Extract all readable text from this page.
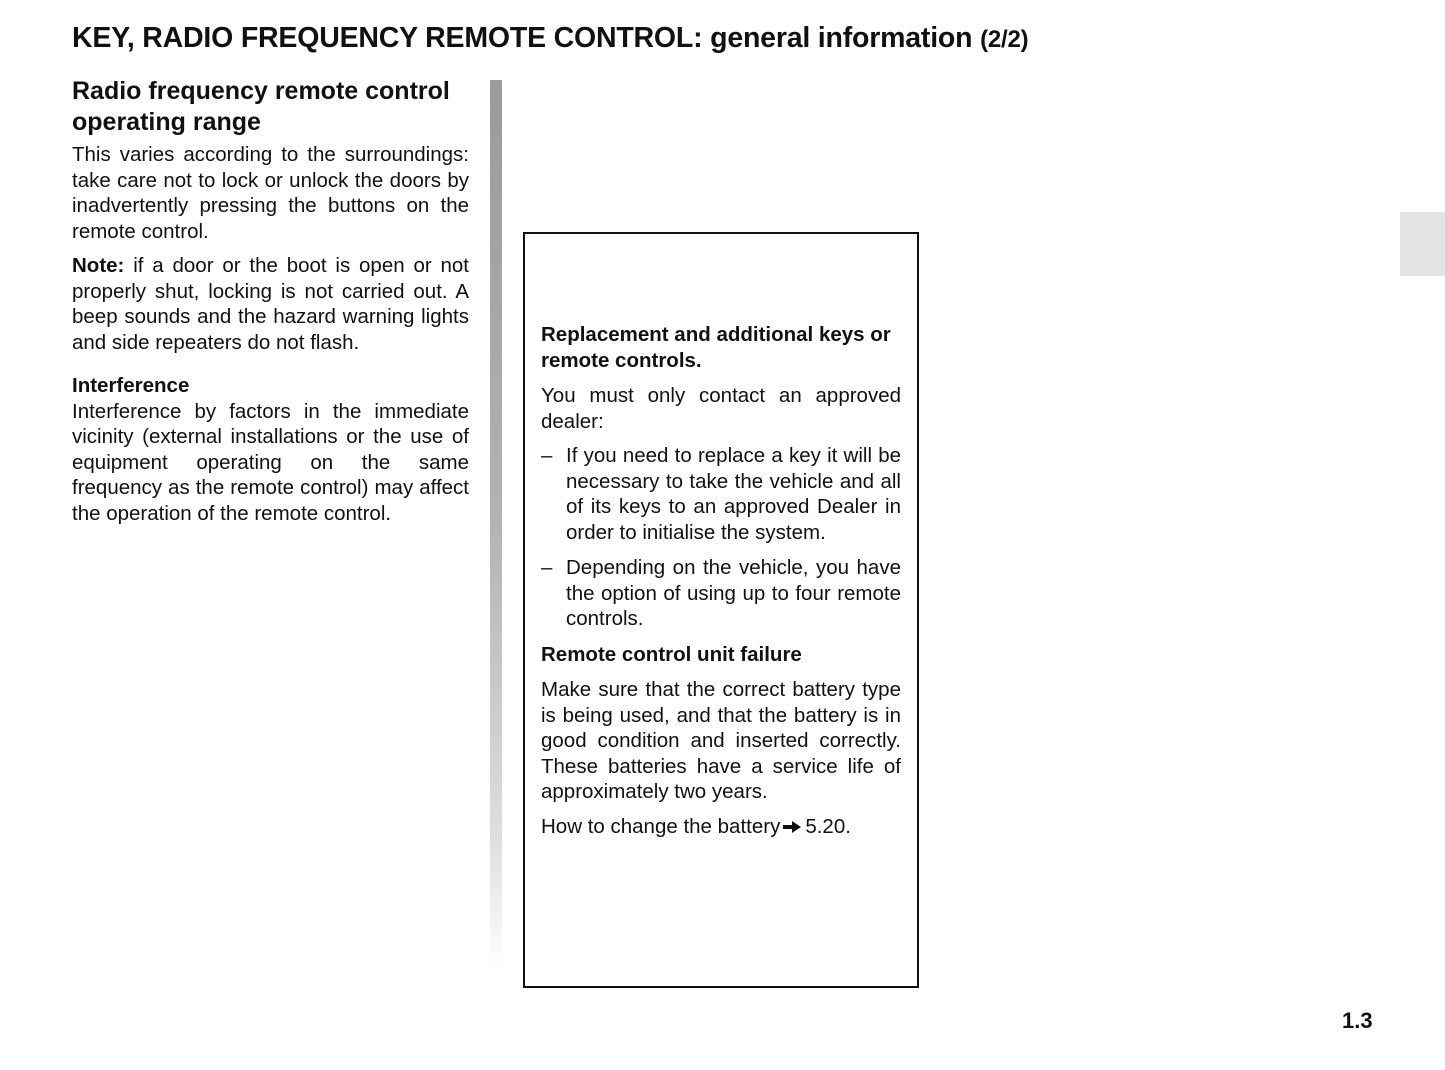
KEY, RADIO FREQUENCY REMOTE CONTROL: general information (2/2)
Radio frequency remote control operating range

This varies according to the surroundings: take care not to lock or unlock the doors by inadvertently pressing the buttons on the remote control.

Note: if a door or the boot is open or not properly shut, locking is not carried out. A beep sounds and the hazard warning lights and side repeaters do not flash.

Interference

Interference by factors in the immediate vicinity (external installations or the use of equipment operating on the same frequency as the remote control) may affect the operation of the remote control.

Replacement and additional keys or remote controls.

You must only contact an approved dealer:

– If you need to replace a key it will be necessary to take the vehicle and all of its keys to an approved Dealer in order to initialise the system.
– Depending on the vehicle, you have the option of using up to four remote controls.

Remote control unit failure

Make sure that the correct battery type is being used, and that the battery is in good condition and inserted correctly. These batteries have a service life of approximately two years.

How to change the battery 5.20.

1.3
